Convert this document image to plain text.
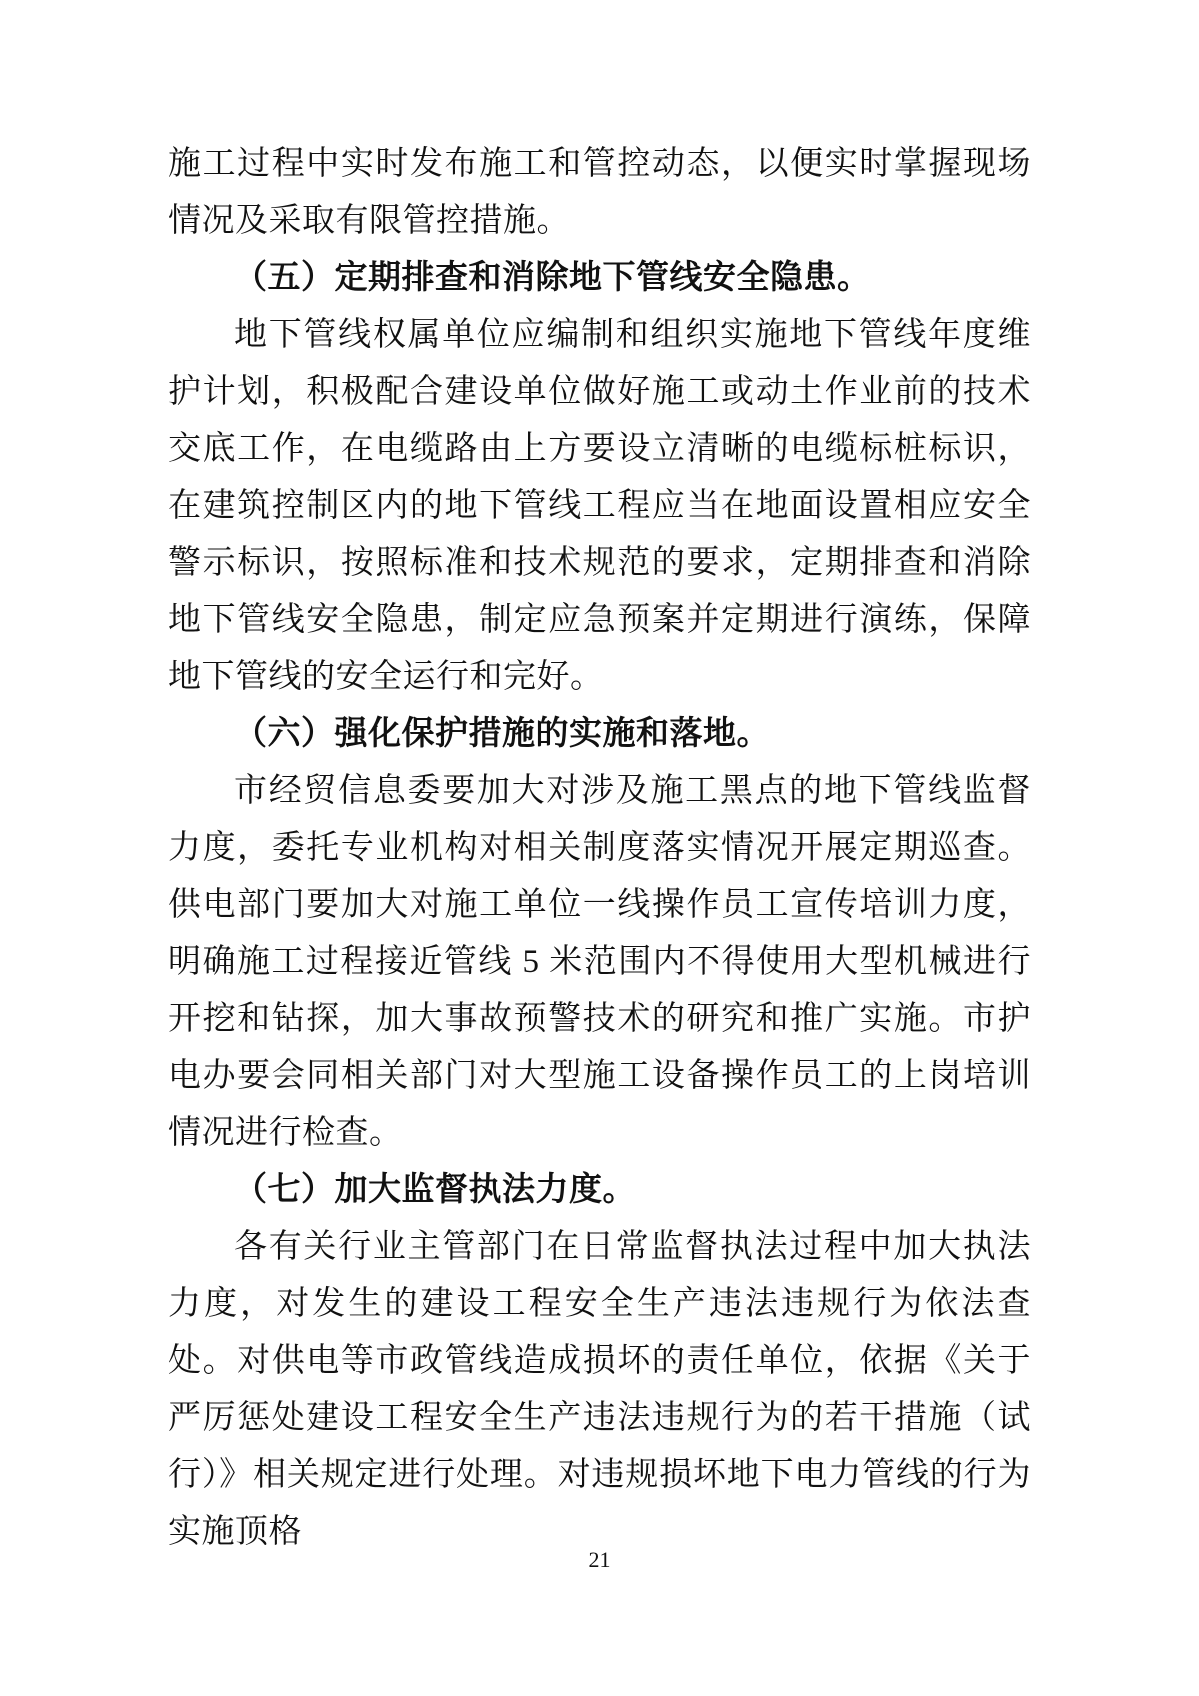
施工过程中实时发布施工和管控动态，以便实时掌握现场情况及采取有限管控措施。

（五）定期排查和消除地下管线安全隐患。

地下管线权属单位应编制和组织实施地下管线年度维护计划，积极配合建设单位做好施工或动土作业前的技术交底工作，在电缆路由上方要设立清晰的电缆标桩标识，在建筑控制区内的地下管线工程应当在地面设置相应安全警示标识，按照标准和技术规范的要求，定期排查和消除地下管线安全隐患，制定应急预案并定期进行演练，保障地下管线的安全运行和完好。

（六）强化保护措施的实施和落地。

市经贸信息委要加大对涉及施工黑点的地下管线监督力度，委托专业机构对相关制度落实情况开展定期巡查。供电部门要加大对施工单位一线操作员工宣传培训力度，明确施工过程接近管线 5 米范围内不得使用大型机械进行开挖和钻探，加大事故预警技术的研究和推广实施。市护电办要会同相关部门对大型施工设备操作员工的上岗培训情况进行检查。

（七）加大监督执法力度。

各有关行业主管部门在日常监督执法过程中加大执法力度，对发生的建设工程安全生产违法违规行为依法查处。对供电等市政管线造成损坏的责任单位，依据《关于严厉惩处建设工程安全生产违法违规行为的若干措施（试行）》相关规定进行处理。对违规损坏地下电力管线的行为实施顶格

21
